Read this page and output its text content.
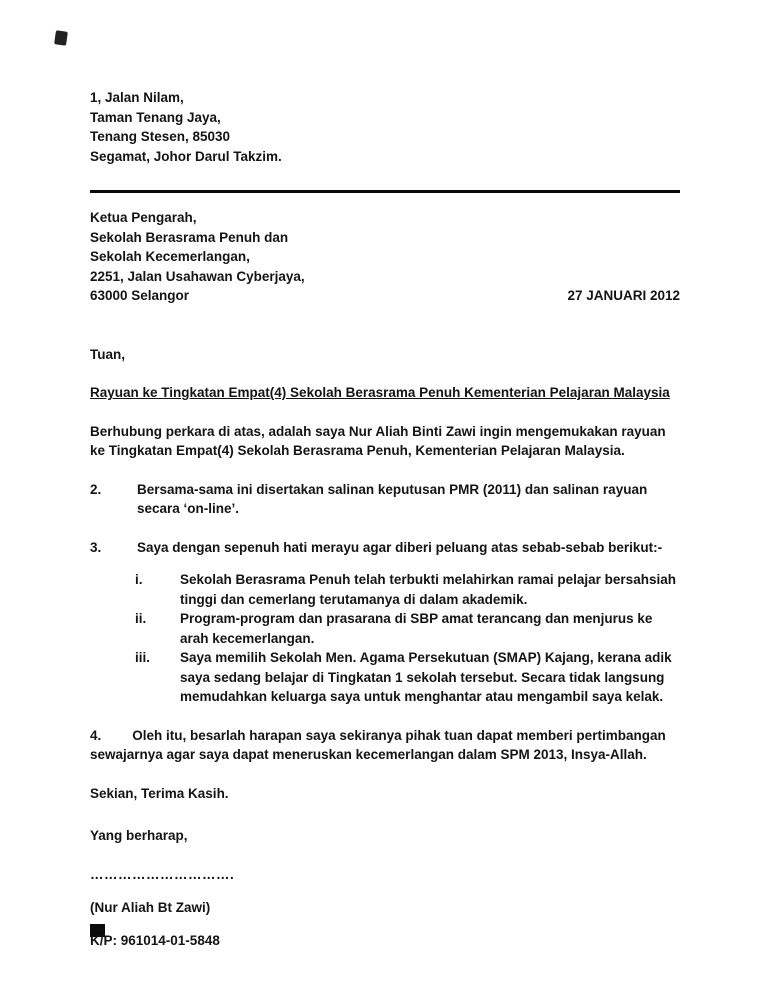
1, Jalan Nilam,

Taman Tenang Jaya,

Tenang Stesen, 85030

Segamat, Johor Darul Takzim.

Ketua Pengarah,

Sekolah Berasrama Penuh dan

Sekolah Kecemerlangan,

2251, Jalan Usahawan Cyberjaya,

63000 Selangor	27 JANUARI 2012

Tuan,

Rayuan ke Tingkatan Empat(4) Sekolah Berasrama Penuh Kementerian Pelajaran Malaysia

Berhubung perkara di atas, adalah saya Nur Aliah Binti Zawi ingin mengemukakan rayuan ke Tingkatan Empat(4) Sekolah Berasrama Penuh, Kementerian Pelajaran Malaysia.

2.	Bersama-sama ini disertakan salinan keputusan PMR (2011) dan salinan rayuan secara ‘on-line’.
3.	Saya dengan sepenuh hati merayu agar diberi peluang atas sebab-sebab berikut:-
i.	Sekolah Berasrama Penuh telah terbukti melahirkan ramai pelajar bersahsiah tinggi dan cemerlang terutamanya di dalam akademik.
ii.	Program-program dan prasarana di SBP amat terancang dan menjurus ke arah kecemerlangan.
iii.	Saya memilih Sekolah Men. Agama Persekutuan (SMAP) Kajang, kerana adik saya sedang belajar di Tingkatan 1 sekolah tersebut. Secara tidak langsung memudahkan keluarga saya untuk menghantar atau mengambil saya kelak.

4. Oleh itu, besarlah harapan saya sekiranya pihak tuan dapat memberi pertimbangan sewajarnya agar saya dapat meneruskan kecemerlangan dalam SPM 2013, Insya-Allah.

Sekian, Terima Kasih.

Yang berharap,

………………………….

(Nur Aliah Bt Zawi)

K/P: 961014-01-5848
